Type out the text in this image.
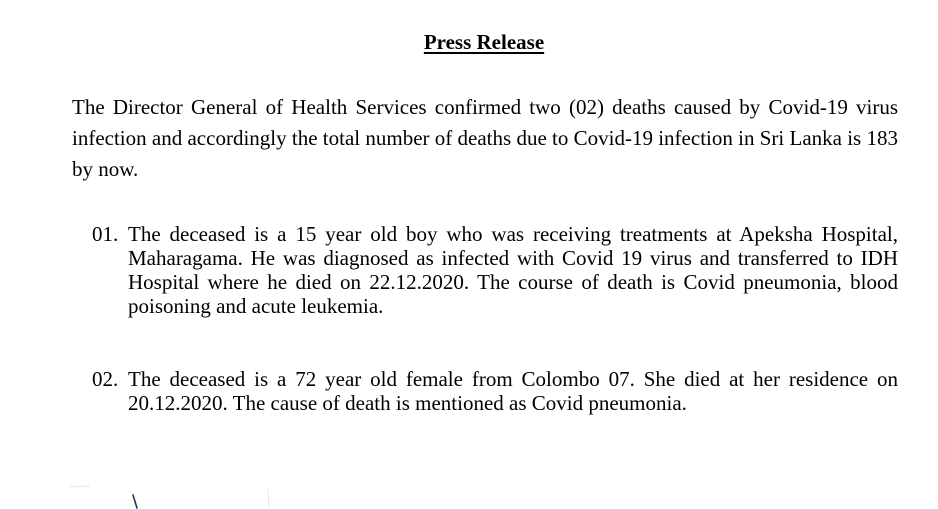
Press Release

The Director General of Health Services confirmed two (02) deaths caused by Covid-19 virus infection and accordingly the total number of deaths due to Covid-19 infection in Sri Lanka is 183 by now.

01. The deceased is a 15 year old boy who was receiving treatments at Apeksha Hospital, Maharagama. He was diagnosed as infected with Covid 19 virus and transferred to IDH Hospital where he died on 22.12.2020. The course of death is Covid pneumonia, blood poisoning and acute leukemia.
02. The deceased is a 72 year old female from Colombo 07. She died at her residence on 20.12.2020. The cause of death is mentioned as Covid pneumonia.
